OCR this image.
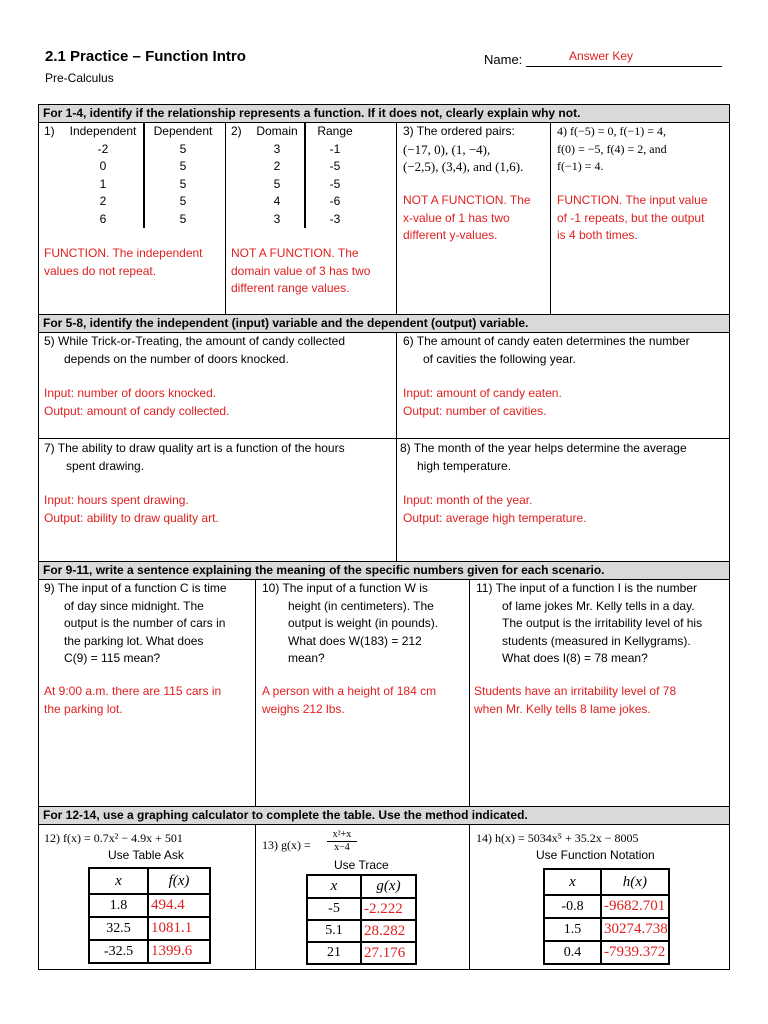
2.1 Practice – Function Intro
Pre-Calculus
Name:	Answer Key
For 1-4, identify if the relationship represents a function. If it does not, clearly explain why not.
For 5-8, identify the independent (input) variable and the dependent (output) variable.
For 9-11, write a sentence explaining the meaning of the specific numbers given for each scenario.
For 12-14, use a graphing calculator to complete the table. Use the method indicated.
1) Independent	Dependent
-2	5
0	5
1	5
2	5
6	5
FUNCTION. The independent
values do not repeat.
2) Domain	Range
3	-1
2	-5
5	-5
4	-6
3	-3
NOT A FUNCTION. The
domain value of 3 has two
different range values.
3) The ordered pairs:
(−17, 0), (1, −4),
(−2,5), (3,4), and (1,6).
NOT A FUNCTION. The
x-value of 1 has two
different y-values.
4) f(−5) = 0, f(−1) = 4,
f(0) = −5, f(4) = 2, and
f(−1) = 4.
FUNCTION. The input value
of -1 repeats, but the output
is 4 both times.
5) While Trick-or-Treating, the amount of candy collected
depends on the number of doors knocked.
Input: number of doors knocked.
Output: amount of candy collected.
6) The amount of candy eaten determines the number
of cavities the following year.
Input: amount of candy eaten.
Output: number of cavities.
7) The ability to draw quality art is a function of the hours
spent drawing.
Input: hours spent drawing.
Output: ability to draw quality art.
8) The month of the year helps determine the average
high temperature.
Input: month of the year.
Output: average high temperature.
9) The input of a function C is time
of day since midnight. The
output is the number of cars in
the parking lot. What does
C(9) = 115 mean?
At 9:00 a.m. there are 115 cars in
the parking lot.
10) The input of a function W is
height (in centimeters). The
output is weight (in pounds).
What does W(183) = 212
mean?
A person with a height of 184 cm
weighs 212 lbs.
11) The input of a function I is the number
of lame jokes Mr. Kelly tells in a day.
The output is the irritability level of his
students (measured in Kellygrams).
What does I(8) = 78 mean?
Students have an irritability level of 78
when Mr. Kelly tells 8 lame jokes.
12) f(x) = 0.7x² − 4.9x + 501
Use Table Ask
x	f(x)
1.8	494.4
32.5	1081.1
-32.5	1399.6
13) g(x) =
x²+x
x−4
Use Trace
x	g(x)
-5	-2.222
5.1	28.282
21	27.176
14) h(x) = 5034x⁵ + 35.2x − 8005
Use Function Notation
x	h(x)
-0.8	-9682.701
1.5	30274.738
0.4	-7939.372
